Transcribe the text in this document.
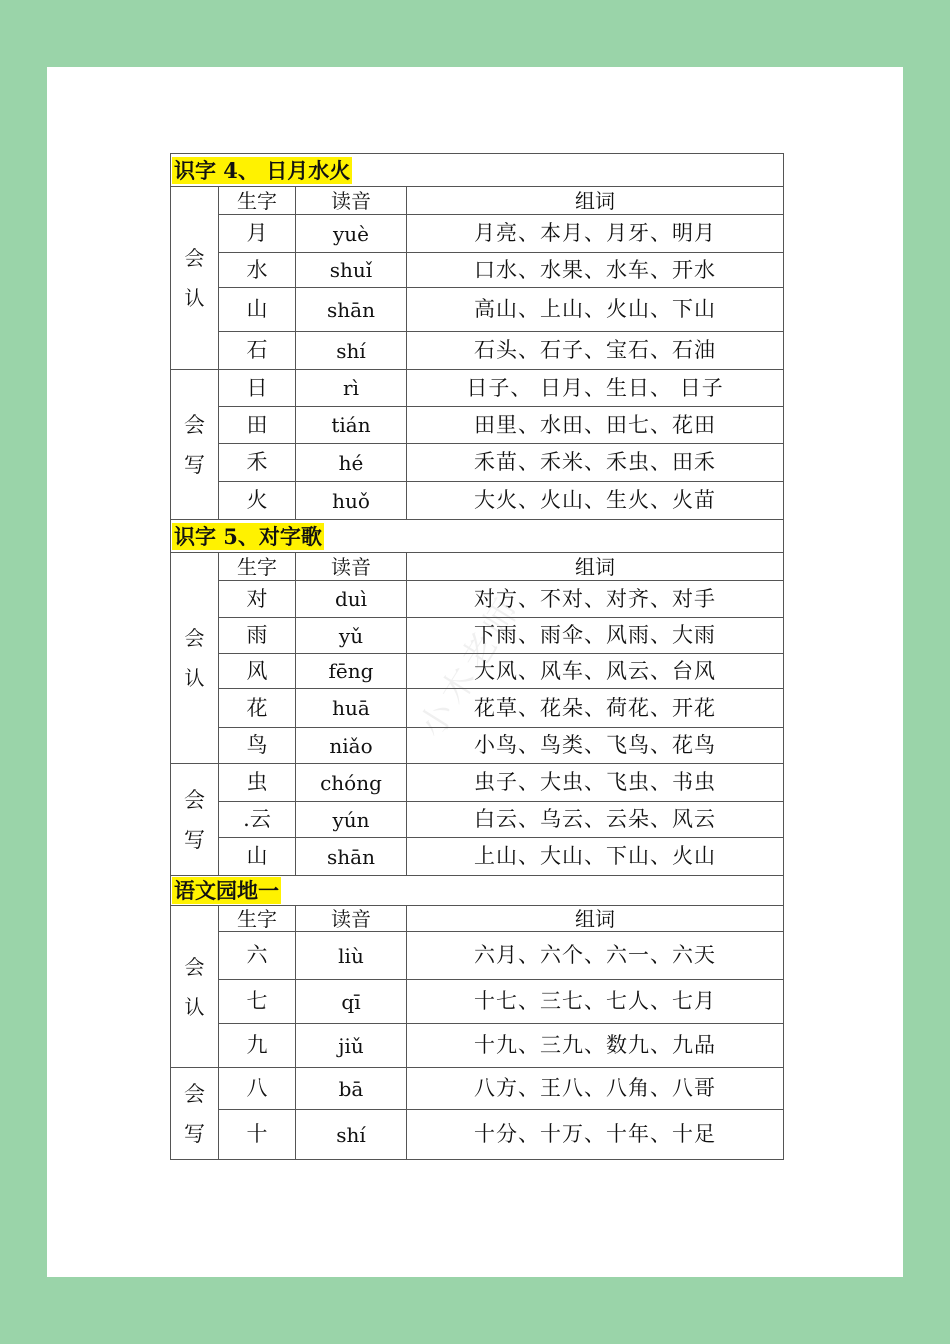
小木老师
识字 4、 日月水火			

会
认	生字	读音	组词
	月	yuè	月亮、本月、月牙、明月
	水	shuǐ	口水、水果、水车、开水
	山	shān	高山、上山、火山、下山
	石	shí	石头、石子、宝石、石油

会
写	日	rì	日子、 日月、生日、 日子
	田	tián	田里、水田、田七、花田
	禾	hé	禾苗、禾米、禾虫、田禾
	火	huǒ	大火、火山、生火、火苗
识字 5、对字歌			

会
认	生字	读音	组词
	对	duì	对方、不对、对齐、对手
	雨	yǔ	下雨、雨伞、风雨、大雨
	风	fēng	大风、风车、风云、台风
	花	huā	花草、花朵、荷花、开花
	鸟	niǎo	小鸟、鸟类、飞鸟、花鸟

会
写	虫	chóng	虫子、大虫、飞虫、书虫
	.云	yún	白云、乌云、云朵、风云
	山	shān	上山、大山、下山、火山
语文园地一			

会
认	生字	读音	组词
	六	liù	六月、六个、六一、六天
	七	qī	十七、三七、七人、七月
	九	jiǔ	十九、三九、数九、九品

会
写	八	bā	八方、王八、八角、八哥
	十	shí	十分、十万、十年、十足
